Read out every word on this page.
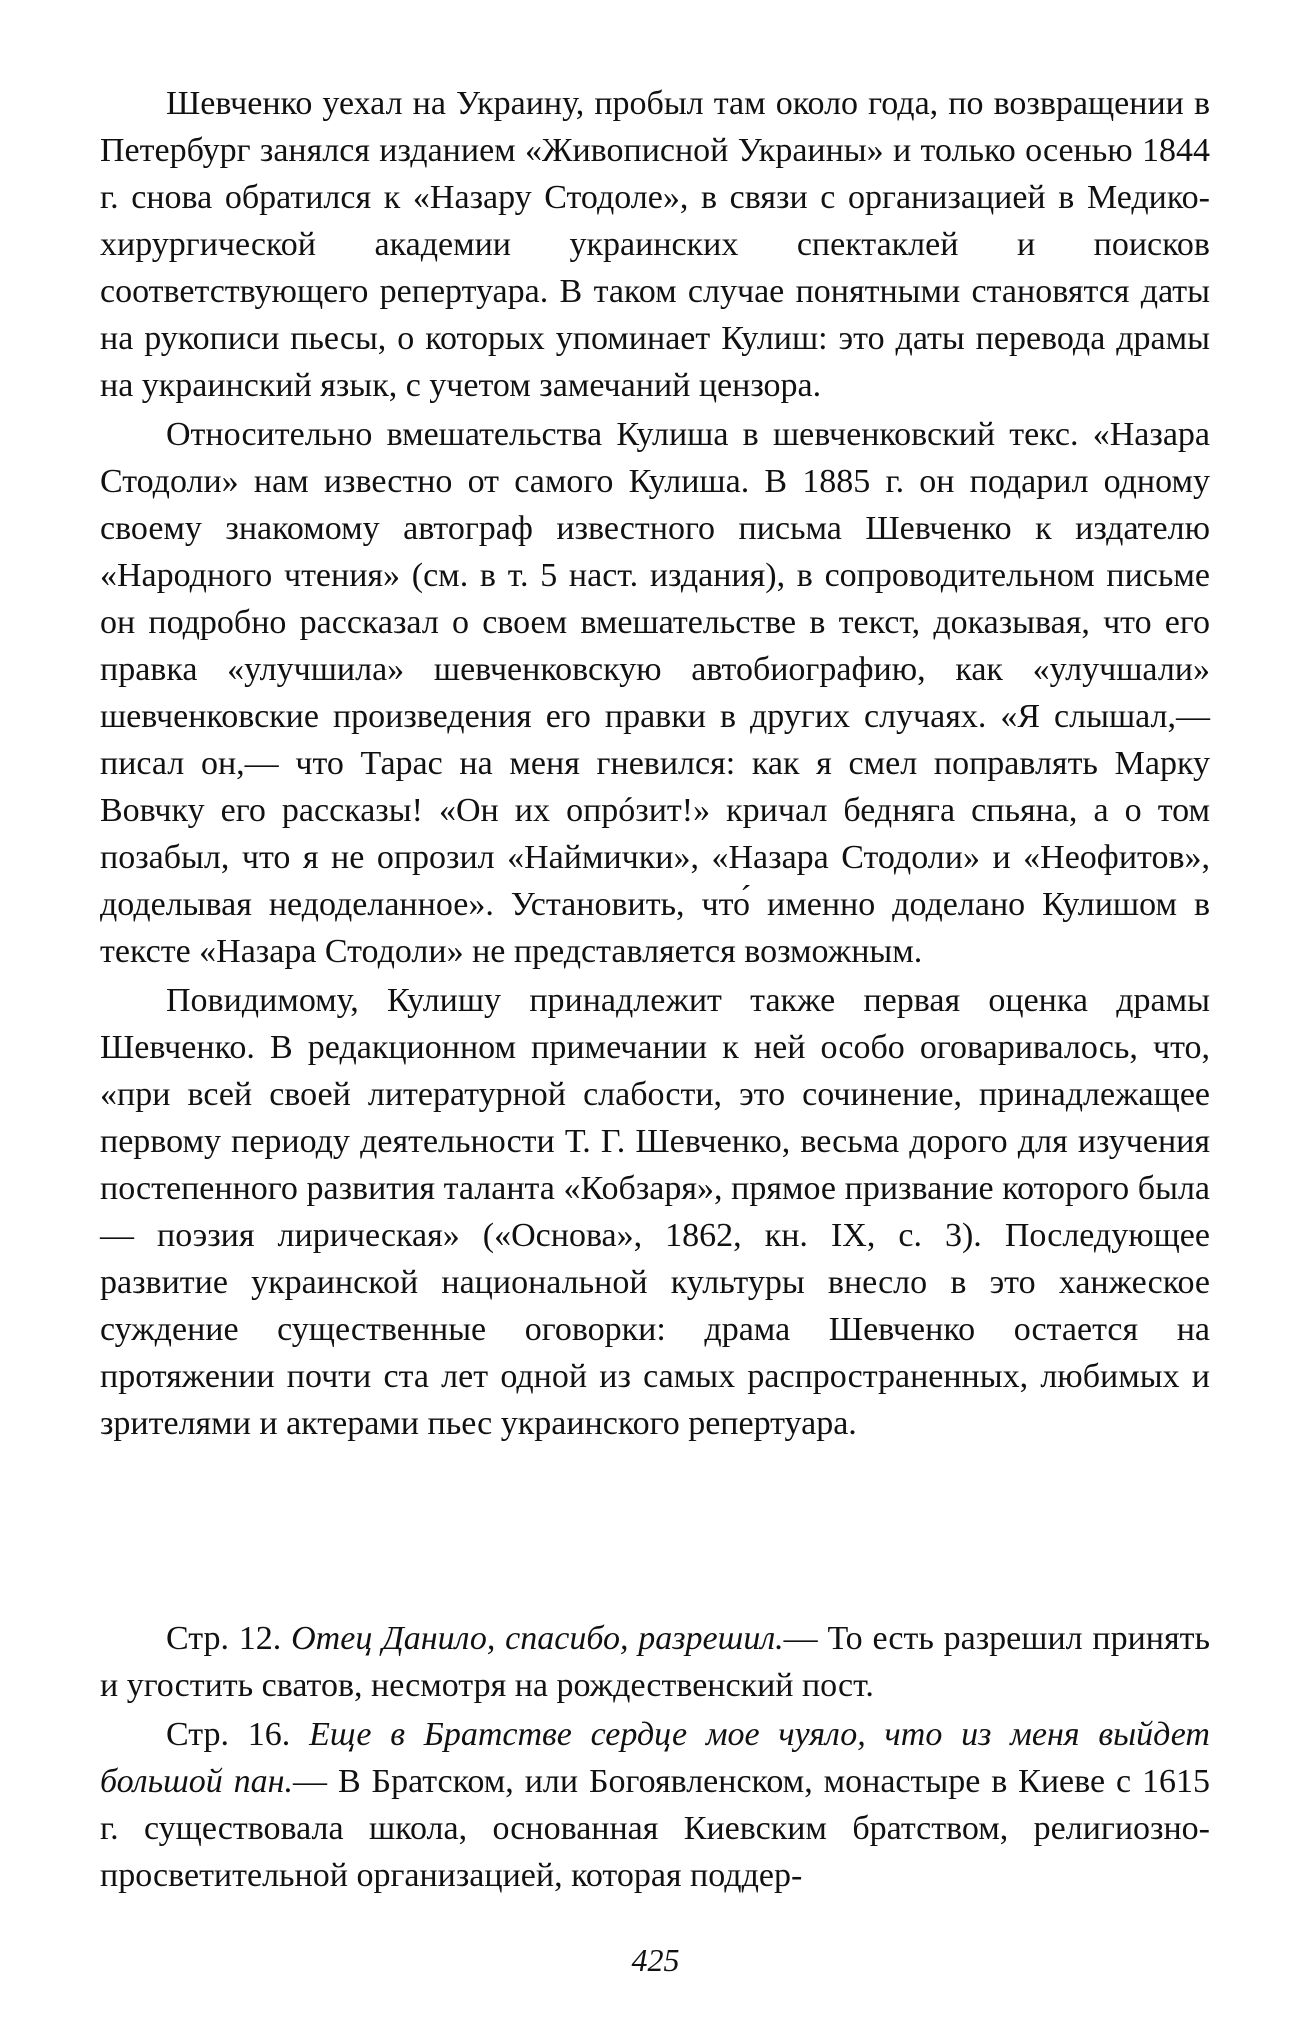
Шевченко уехал на Украину, пробыл там около года, по возвращении в Петербург занялся изданием «Живописной Украины» и только осенью 1844 г. снова обратился к «Назару Стодоле», в связи с организацией в Медико-хирургической академии украинских спектаклей и поисков соответствующего репертуара. В таком случае понятными становятся даты на рукописи пьесы, о которых упоминает Кулиш: это даты перевода драмы на украинский язык, с учетом замечаний цензора.

Относительно вмешательства Кулиша в шевченковский текс. «Назара Стодоли» нам известно от самого Кулиша. В 1885 г. он подарил одному своему знакомому автограф известного письма Шевченко к издателю «Народного чтения» (см. в т. 5 наст. издания), в сопроводительном письме он подробно рассказал о своем вмешательстве в текст, доказывая, что его правка «улучшила» шевченковскую автобиографию, как «улучшали» шевченковские произведения его правки в других случаях. «Я слышал,— писал он,— что Тарас на меня гневился: как я смел поправлять Марку Вовчку его рассказы! «Он их опрóзит!» кричал бедняга спьяна, а о том позабыл, что я не опрозил «Наймички», «Назара Стодоли» и «Неофитов», доделывая недоделанное». Установить, что́ именно доделано Кулишом в тексте «Назара Стодоли» не представляется возможным.

Повидимому, Кулишу принадлежит также первая оценка драмы Шевченко. В редакционном примечании к ней особо оговаривалось, что, «при всей своей литературной слабости, это сочинение, принадлежащее первому периоду деятельности Т. Г. Шевченко, весьма дорого для изучения постепенного развития таланта «Кобзаря», прямое призвание которого была — поэзия лирическая» («Основа», 1862, кн. IX, с. 3). Последующее развитие украинской национальной культуры внесло в это ханжеское суждение существенные оговорки: драма Шевченко остается на протяжении почти ста лет одной из самых распространенных, любимых и зрителями и актерами пьес украинского репертуара.

Стр. 12. Отец Данило, спасибо, разрешил.— То есть разрешил принять и угостить сватов, несмотря на рождественский пост.

Стр. 16. Еще в Братстве сердце мое чуяло, что из меня выйдет большой пан.— В Братском, или Богоявленском, монастыре в Киеве с 1615 г. существовала школа, основанная Киевским братством, религиозно-просветительной организацией, которая поддер-

425
